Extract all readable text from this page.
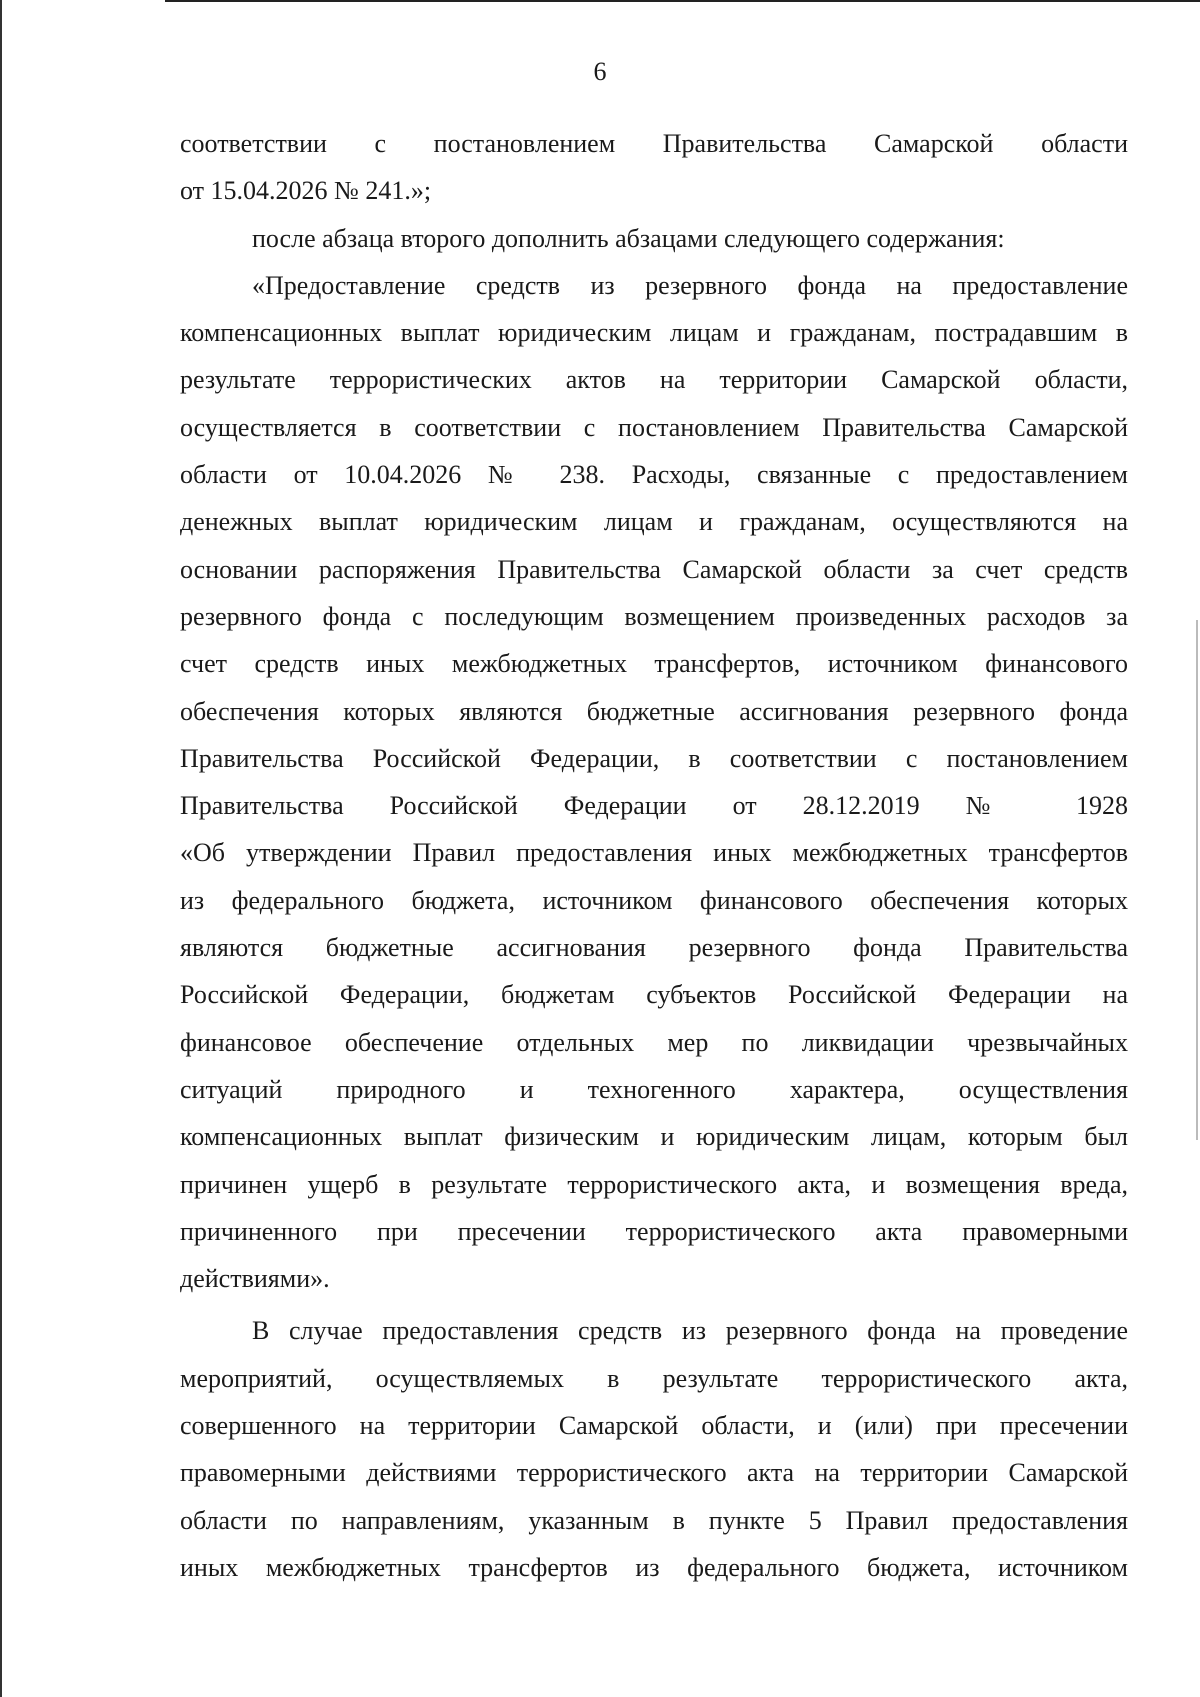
6

соответствии с постановлением Правительства Самарской области
от 15.04.2026 № 241.»;

после абзаца второго дополнить абзацами следующего содержания:

«Предоставление средств из резервного фонда на предоставление
компенсационных выплат юридическим лицам и гражданам, пострадавшим в
результате террористических актов на территории Самарской области,
осуществляется в соответствии с постановлением Правительства Самарской
области от 10.04.2026 № 238. Расходы, связанные с предоставлением
денежных выплат юридическим лицам и гражданам, осуществляются на
основании распоряжения Правительства Самарской области за счет средств
резервного фонда с последующим возмещением произведенных расходов за
счет средств иных межбюджетных трансфертов, источником финансового
обеспечения которых являются бюджетные ассигнования резервного фонда
Правительства Российской Федерации, в соответствии с постановлением
Правительства Российской Федерации от 28.12.2019 № 1928
«Об утверждении Правил предоставления иных межбюджетных трансфертов
из федерального бюджета, источником финансового обеспечения которых
являются бюджетные ассигнования резервного фонда Правительства
Российской Федерации, бюджетам субъектов Российской Федерации на
финансовое обеспечение отдельных мер по ликвидации чрезвычайных
ситуаций природного и техногенного характера, осуществления
компенсационных выплат физическим и юридическим лицам, которым был
причинен ущерб в результате террористического акта, и возмещения вреда,
причиненного при пресечении террористического акта правомерными
действиями».

В случае предоставления средств из резервного фонда на проведение
мероприятий, осуществляемых в результате террористического акта,
совершенного на территории Самарской области, и (или) при пресечении
правомерными действиями террористического акта на территории Самарской
области по направлениям, указанным в пункте 5 Правил предоставления
иных межбюджетных трансфертов из федерального бюджета, источником
